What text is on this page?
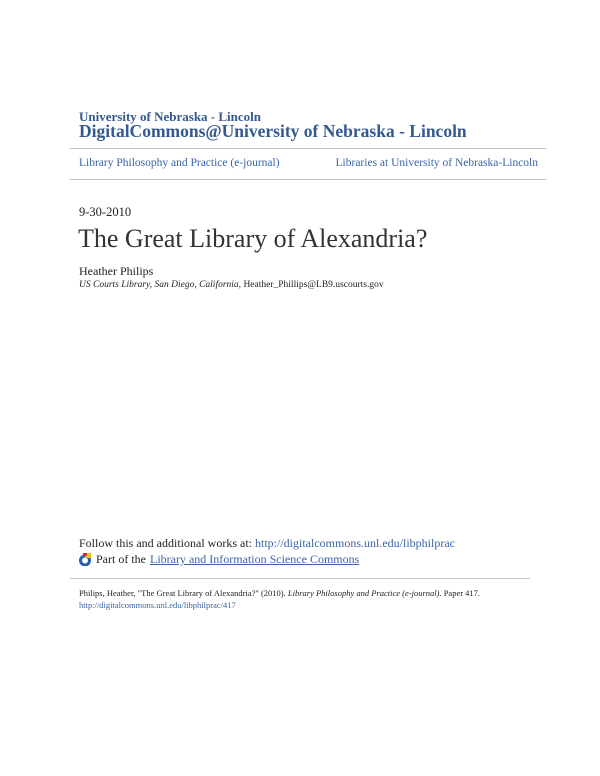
University of Nebraska - Lincoln
DigitalCommons@University of Nebraska - Lincoln
Library Philosophy and Practice (e-journal)	Libraries at University of Nebraska-Lincoln
9-30-2010
The Great Library of Alexandria?
Heather Philips
US Courts Library, San Diego, California, Heather_Phillips@LB9.uscourts.gov
Follow this and additional works at: http://digitalcommons.unl.edu/libphilprac
Part of the Library and Information Science Commons
Philips, Heather, "The Great Library of Alexandria?" (2010). Library Philosophy and Practice (e-journal). Paper 417.
http://digitalcommons.unl.edu/libphilprac/417
